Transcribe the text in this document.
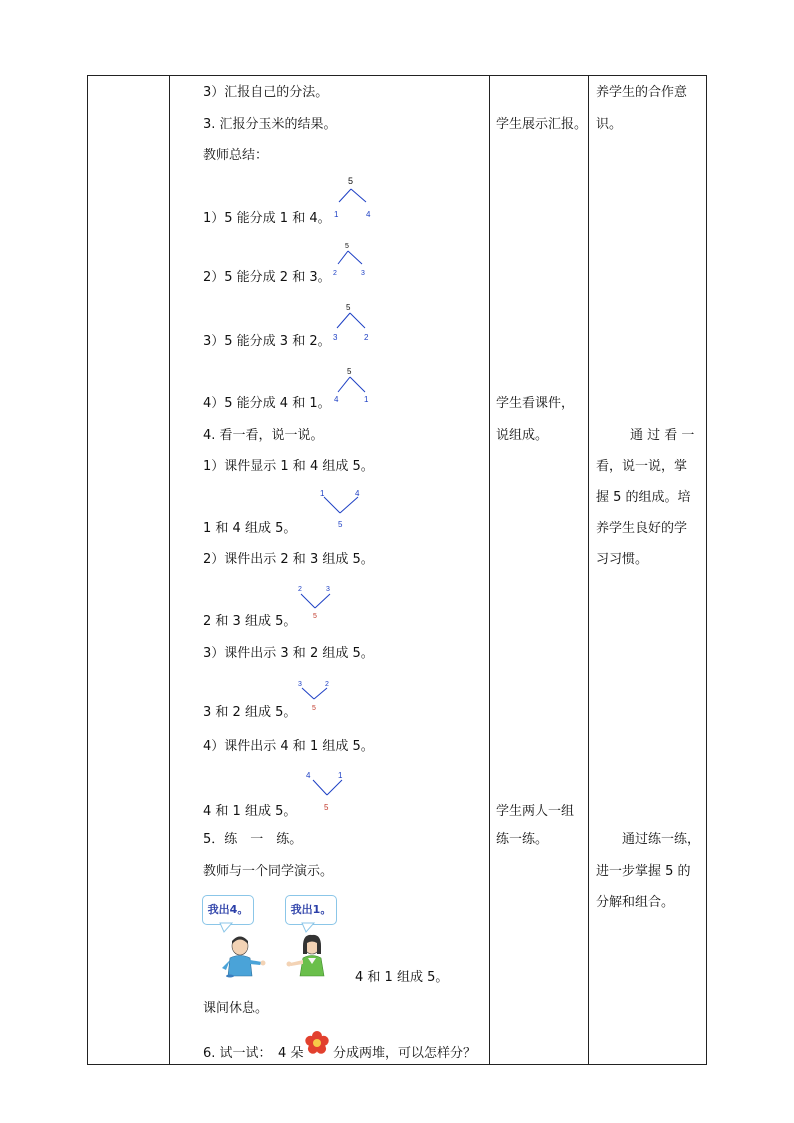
3）汇报自己的分法。
3. 汇报分玉米的结果。
教师总结：
5
1	4
1）5 能分成 1 和 4。
5
2	3
2）5 能分成 2 和 3。
5
3	2
3）5 能分成 3 和 2。
5
4	1
4）5 能分成 4 和 1。
4. 看一看，说一说。
1）课件显示 1 和 4 组成 5。
1	4
5
1 和 4 组成 5。
2）课件出示 2 和 3 组成 5。
2	3
5
2 和 3 组成 5。
3）课件出示 3 和 2 组成 5。
3	2
5
3 和 2 组成 5。
4）课件出示 4 和 1 组成 5。
4	1
5
4 和 1 组成 5。
5．练　一　练。
教师与一个同学演示。
我出4。	我出1。
4 和 1 组成 5。
课间休息。
6. 试一试：　4 朵 分成两堆，可以怎样分？
学生展示汇报。
学生看课件，
说组成。
学生两人一组
练一练。
养学生的合作意
识。
通 过 看 一
看，说一说，掌
握 5 的组成。培
养学生良好的学
习习惯。
通过练一练，
进一步掌握 5 的
分解和组合。
